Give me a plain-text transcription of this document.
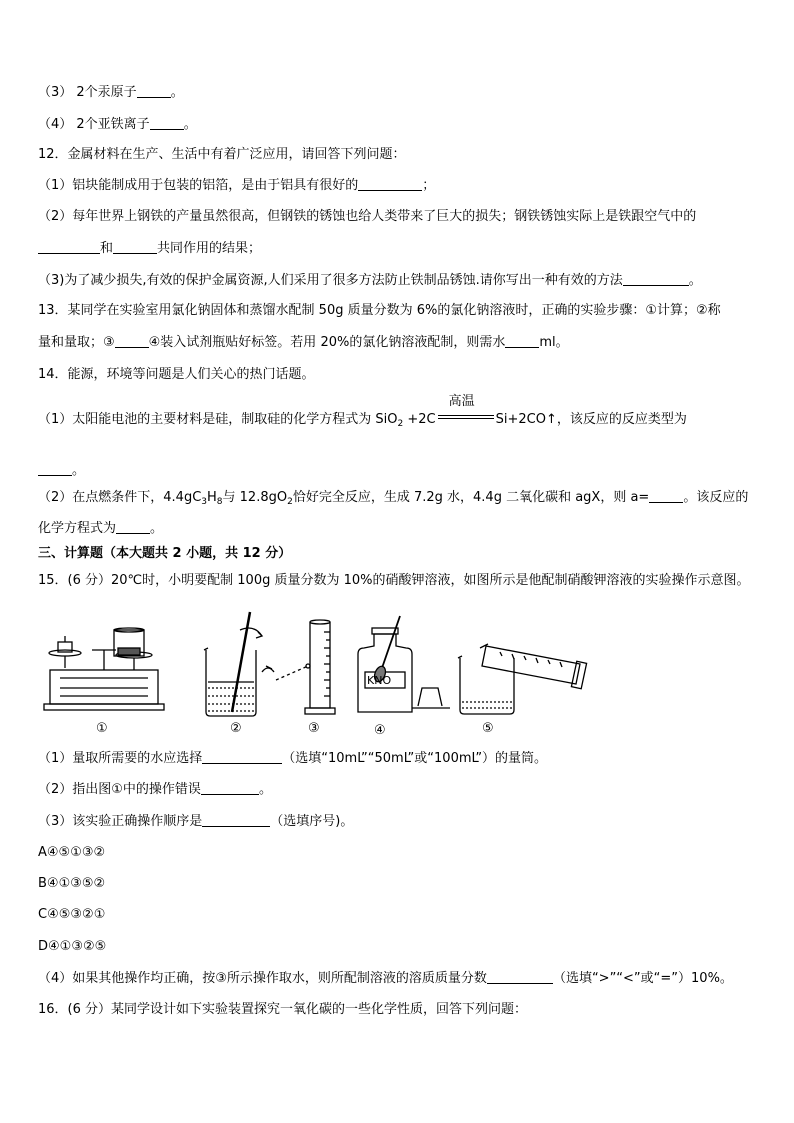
（3） 2个汞原子	。
（4） 2个亚铁离子	。
12．金属材料在生产、生活中有着广泛应用，请回答下列问题：
（1）铝块能制成用于包装的铝箔，是由于铝具有很好的	；
（2）每年世界上钢铁的产量虽然很高，但钢铁的锈蚀也给人类带来了巨大的损失；钢铁锈蚀实际上是铁跟空气中的
和	共同作用的结果；
（3)为了减少损失,有效的保护金属资源,人们采用了很多方法防止铁制品锈蚀.请你写出一种有效的方法	。
13．某同学在实验室用氯化钠固体和蒸馏水配制 50g 质量分数为 6%的氯化钠溶液时，正确的实验步骤：①计算；②称
量和量取；③	④装入试剂瓶贴好标签。若用 20%的氯化钠溶液配制，则需水	ml。
14．能源，环境等问题是人们关心的热门话题。
（1）太阳能电池的主要材料是硅，制取硅的化学方程式为 SiO$_2$ +2C
高温
Si+2CO↑，该反应的反应类型为
。
（2）在点燃条件下，$4.4gC_3H_8$与 $12.8gO_2$恰好完全反应，生成 7.2g 水，4.4g 二氧化碳和 agX，则 a=	。该反应的
化学方程式为	。
三、计算题（本大题共 2 小题，共 12 分）
15．(6 分）20℃时，小明要配制 100g 质量分数为 10%的硝酸钾溶液，如图所示是他配制硝酸钾溶液的实验操作示意图。
KNO
①	②	③	④	⑤
（1）量取所需要的水应选择	（选填“10mL”“50mL”或“100mL”）的量筒。
（2）指出图①中的操作错误	。
（3）该实验正确操作顺序是	（选填序号)。
A④⑤①③②
B④①③⑤②
C④⑤③②①
D④①③②⑤
（4）如果其他操作均正确，按③所示操作取水，则所配制溶液的溶质质量分数	（选填“>”“<”或“=”）10%。
16．(6 分）某同学设计如下实验装置探究一氧化碳的一些化学性质，回答下列问题：
